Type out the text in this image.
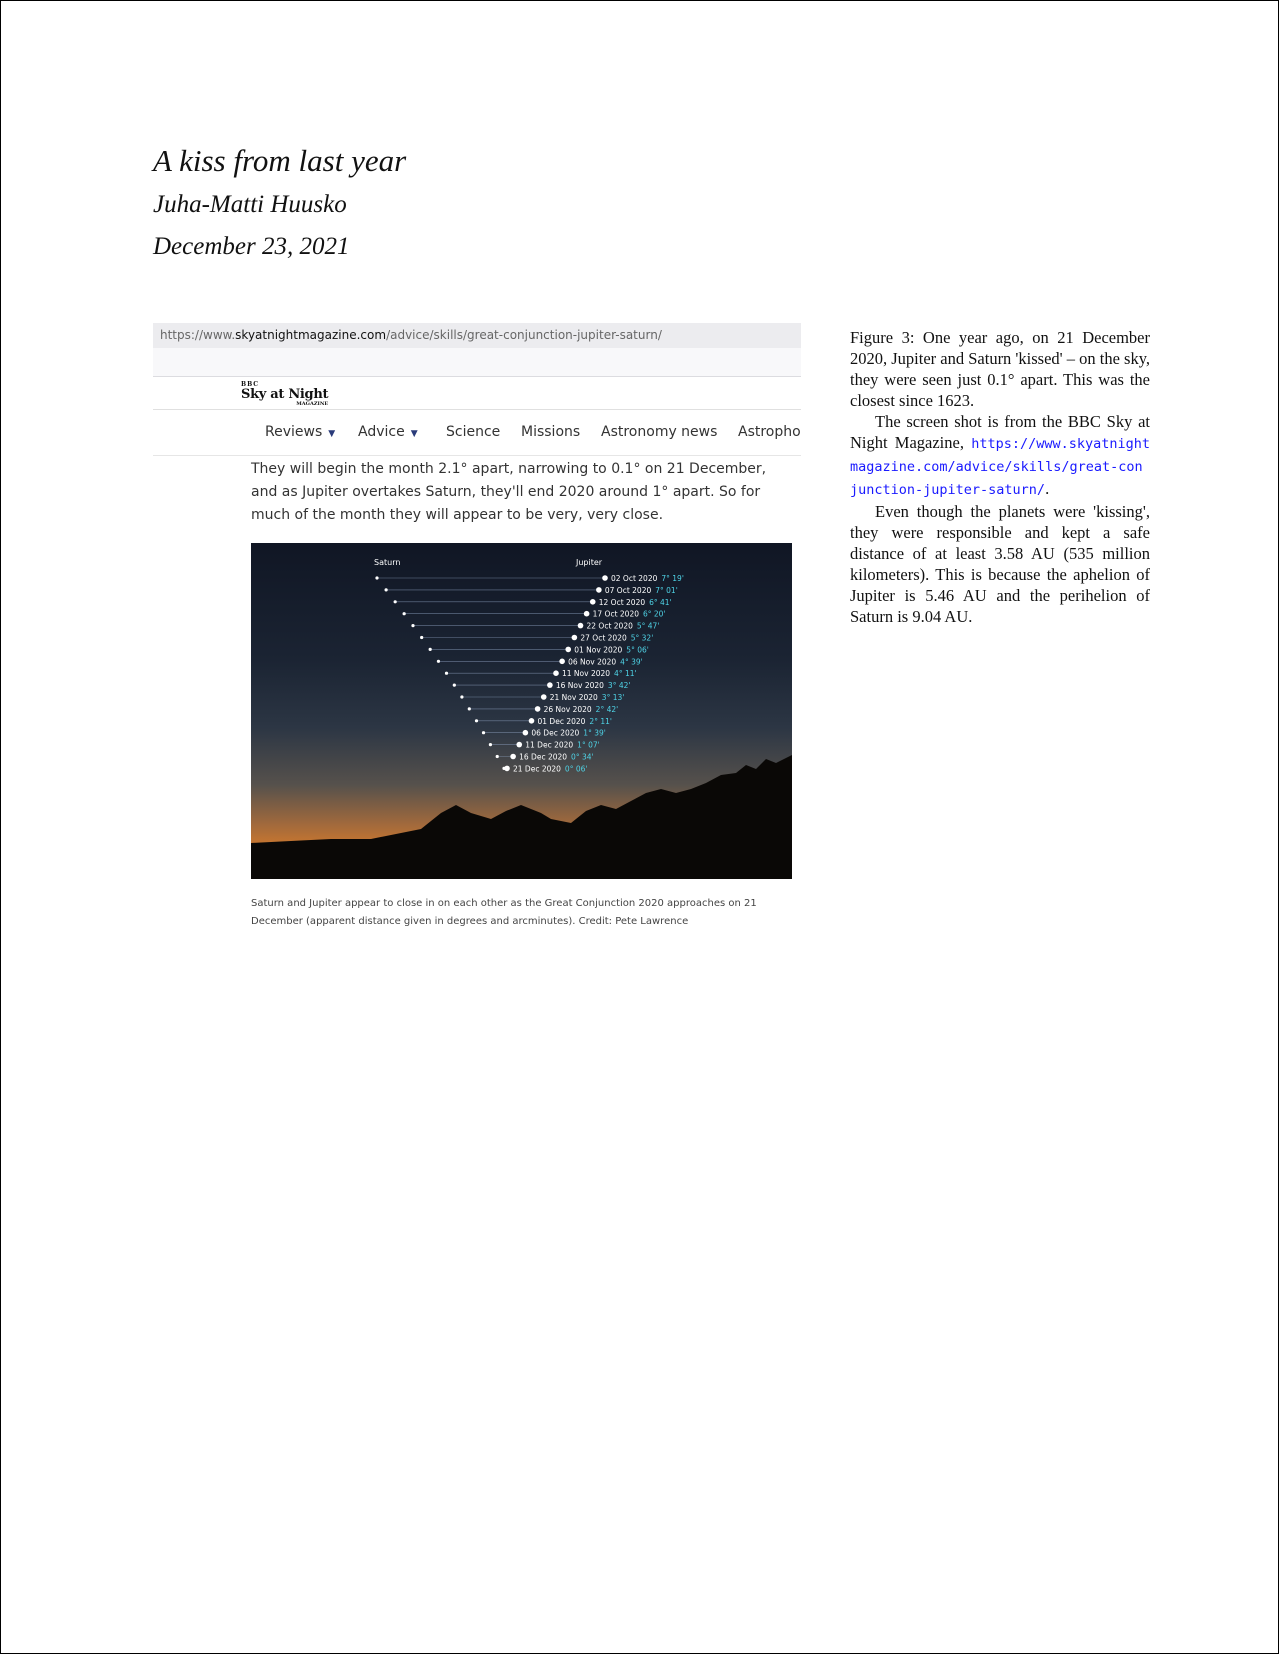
A kiss from last year
Juha-Matti Huusko
December 23, 2021
https://www.skyatnightmagazine.com/advice/skills/great-conjunction-jupiter-saturn/
BBC
Sky at Night
MAGAZINE
Reviews ▼ Advice ▼ Science Missions Astronomy news Astropho
They will begin the month 2.1° apart, narrowing to 0.1° on 21 December, and as Jupiter overtakes Saturn, they'll end 2020 around 1° apart. So for much of the month they will appear to be very, very close.
Saturn	Jupiter
02 Oct 2020 7° 19'
07 Oct 2020 7° 01'
12 Oct 2020 6° 41'
17 Oct 2020 6° 20'
22 Oct 2020 5° 47'
27 Oct 2020 5° 32'
01 Nov 2020 5° 06'
06 Nov 2020 4° 39'
11 Nov 2020 4° 11'
16 Nov 2020 3° 42'
21 Nov 2020 3° 13'
26 Nov 2020 2° 42'
01 Dec 2020 2° 11'
06 Dec 2020 1° 39'
11 Dec 2020 1° 07'
16 Dec 2020 0° 34'
21 Dec 2020 0° 06'
Saturn and Jupiter appear to close in on each other as the Great Conjunction 2020 approaches on 21 December (apparent distance given in degrees and arcminutes). Credit: Pete Lawrence

Figure 3: One year ago, on 21 December 2020, Jupiter and Saturn 'kissed' – on the sky, they were seen just 0.1° apart. This was the closest since 1623.

The screen shot is from the BBC Sky at Night Magazine, https://www.skyatnightmagazine.com/advice/skills/great-conjunction-jupiter-saturn/.

Even though the planets were 'kissing', they were responsible and kept a safe distance of at least 3.58 AU (535 million kilometers). This is because the aphelion of Jupiter is 5.46 AU and the perihelion of Saturn is 9.04 AU.
